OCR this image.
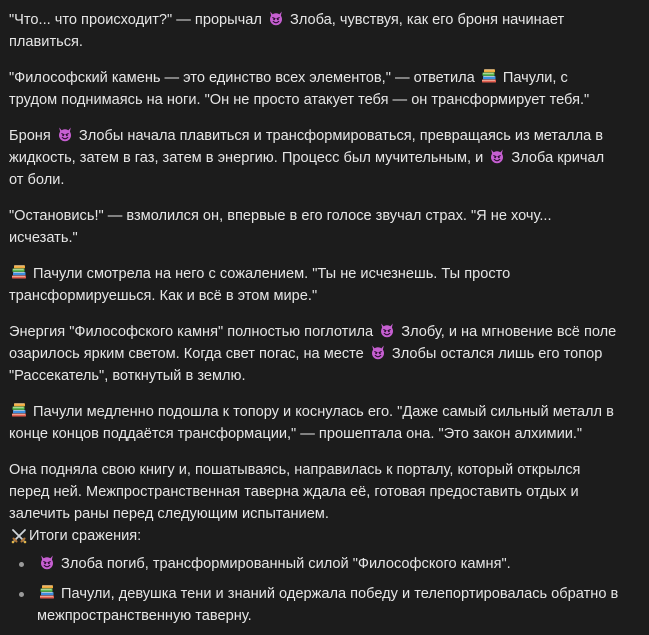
"Что... что происходит?" — прорычал
Злоба, чувствуя, как его броня начинает плавиться.

"Философский камень — это единство всех элементов," — ответила
Пачули, с трудом поднимаясь на ноги. "Он не просто атакует тебя — он трансформирует тебя."

Броня
Злобы начала плавиться и трансформироваться, превращаясь из металла в жидкость, затем в газ, затем в энергию. Процесс был мучительным, и
Злоба кричал от боли.

"Остановись!" — взмолился он, впервые в его голосе звучал страх. "Я не хочу... исчезать."

Пачули смотрела на него с сожалением. "Ты не исчезнешь. Ты просто трансформируешься. Как и всё в этом мире."

Энергия "Философского камня" полностью поглотила
Злобу, и на мгновение всё поле озарилось ярким светом. Когда свет погас, на месте
Злобы остался лишь его топор "Рассекатель", воткнутый в землю.

Пачули медленно подошла к топору и коснулась его. "Даже самый сильный металл в конце концов поддаётся трансформации," — прошептала она. "Это закон алхимии."

Она подняла свою книгу и, пошатываясь, направилась к порталу, который открылся перед ней. Межпространственная таверна ждала её, готовая предоставить отдых и залечить раны перед следующим испытанием.

Итоги сражения:
Злоба погиб, трансформированный силой "Философского камня".
Пачули, девушка тени и знаний одержала победу и телепортировалась обратно в межпространственную таверну.
